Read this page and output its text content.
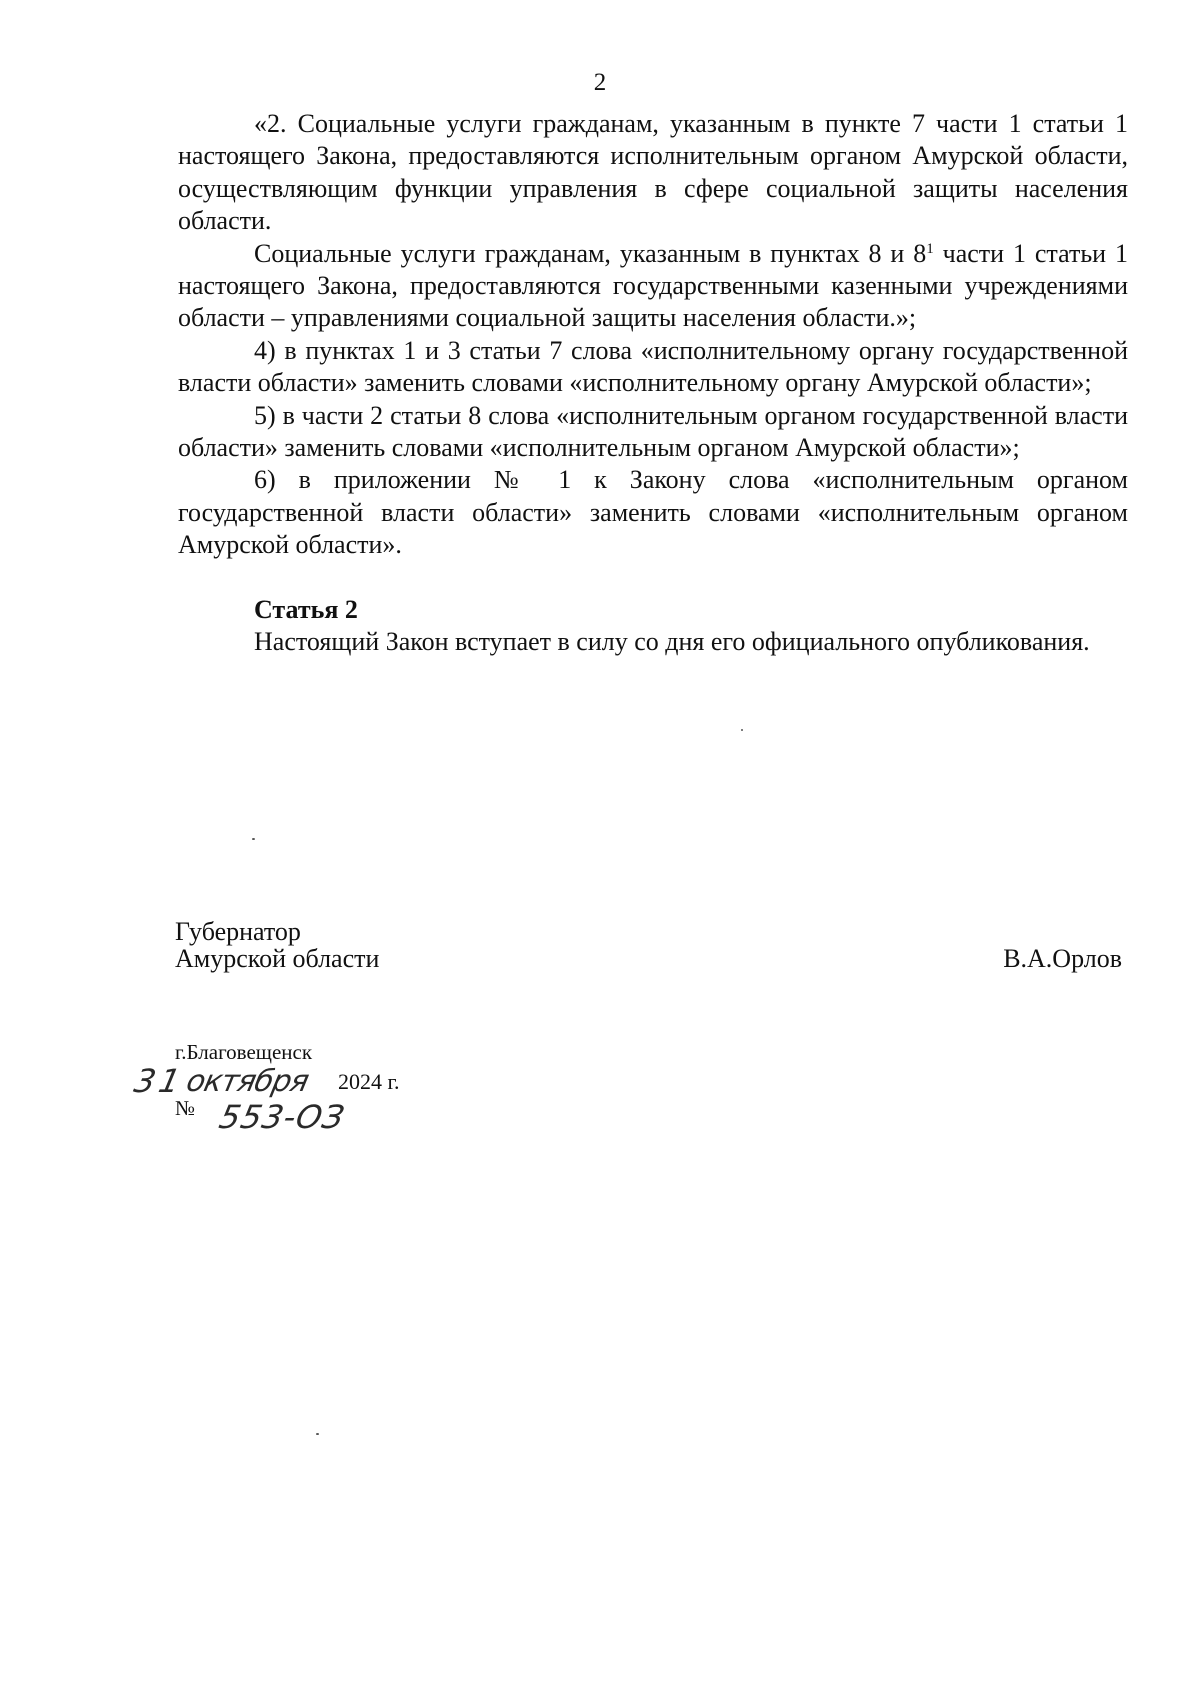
2

«2. Социальные услуги гражданам, указанным в пункте 7 части 1 статьи 1 настоящего Закона, предоставляются исполнительным органом Амурской области, осуществляющим функции управления в сфере социальной защиты населения области.

Социальные услуги гражданам, указанным в пунктах 8 и $8^1$ части 1 статьи 1 настоящего Закона, предоставляются государственными казенными учреждениями области – управлениями социальной защиты населения области.»;

4) в пунктах 1 и 3 статьи 7 слова «исполнительному органу государственной власти области» заменить словами «исполнительному органу Амурской области»;

5) в части 2 статьи 8 слова «исполнительным органом государственной власти области» заменить словами «исполнительным органом Амурской области»;

6) в приложении № 1 к Закону слова «исполнительным органом государственной власти области» заменить словами «исполнительным органом Амурской области».

Статья 2

Настоящий Закон вступает в силу со дня его официального опубликования.

Губернатор
Амурской области	В.А.Орлов
г.Благовещенск
31
октября 2024 г.
№ 553-ОЗ
